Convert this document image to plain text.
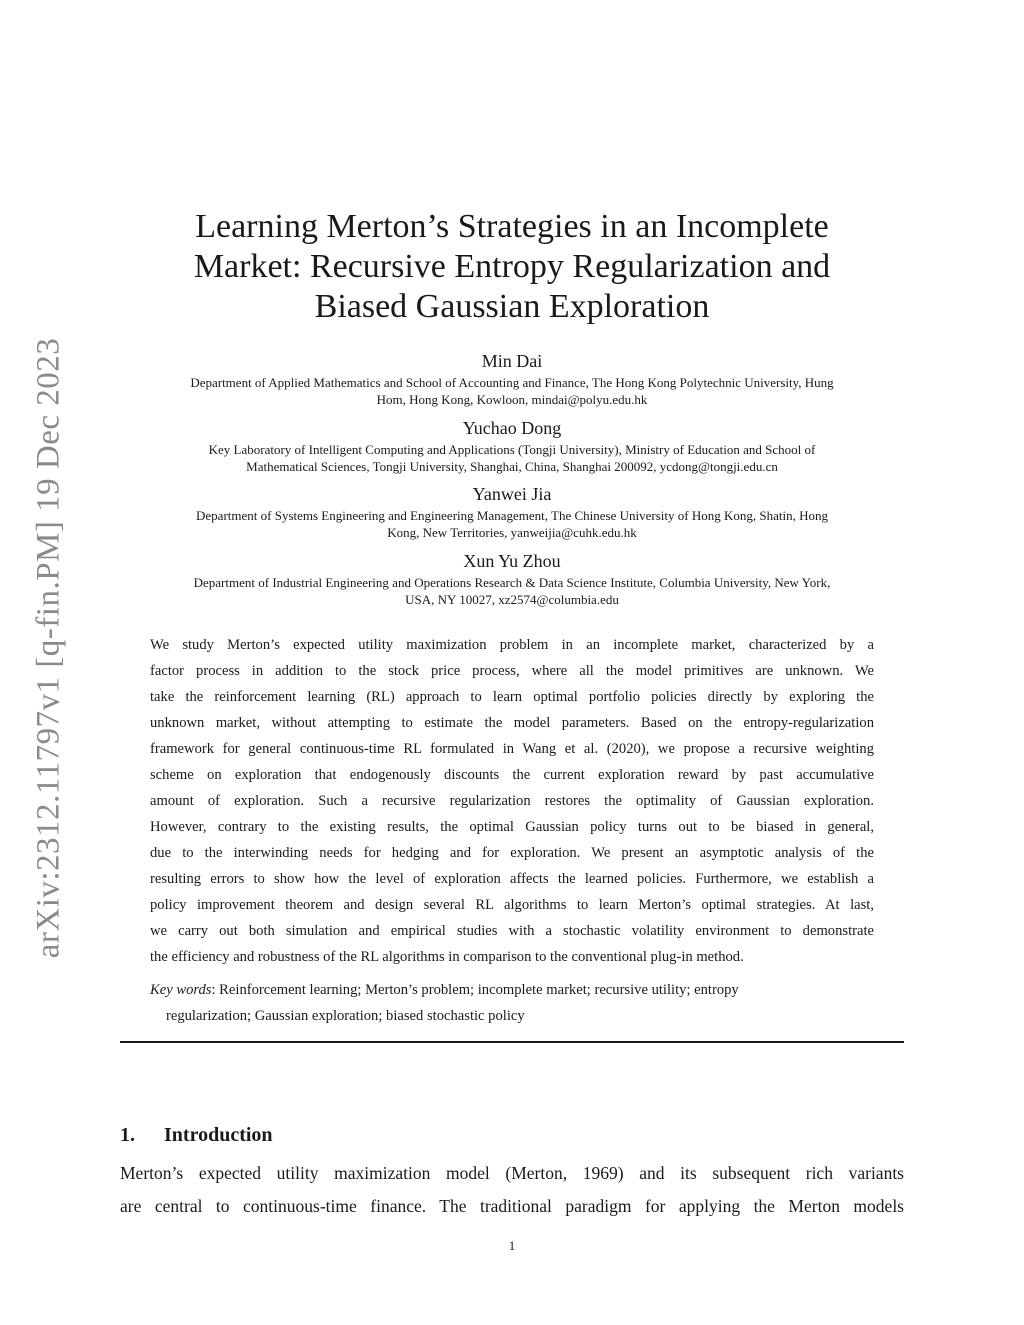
arXiv:2312.11797v1 [q-fin.PM] 19 Dec 2023
Learning Merton’s Strategies in an Incomplete
Market: Recursive Entropy Regularization and
Biased Gaussian Exploration
Min Dai
Department of Applied Mathematics and School of Accounting and Finance, The Hong Kong Polytechnic University, Hung
Hom, Hong Kong, Kowloon, mindai@polyu.edu.hk
Yuchao Dong
Key Laboratory of Intelligent Computing and Applications (Tongji University), Ministry of Education and School of
Mathematical Sciences, Tongji University, Shanghai, China, Shanghai 200092, ycdong@tongji.edu.cn
Yanwei Jia
Department of Systems Engineering and Engineering Management, The Chinese University of Hong Kong, Shatin, Hong
Kong, New Territories, yanweijia@cuhk.edu.hk
Xun Yu Zhou
Department of Industrial Engineering and Operations Research & Data Science Institute, Columbia University, New York,
USA, NY 10027, xz2574@columbia.edu
We study Merton’s expected utility maximization problem in an incomplete market, characterized by a
factor process in addition to the stock price process, where all the model primitives are unknown. We
take the reinforcement learning (RL) approach to learn optimal portfolio policies directly by exploring the
unknown market, without attempting to estimate the model parameters. Based on the entropy-regularization
framework for general continuous-time RL formulated in Wang et al. (2020), we propose a recursive weighting
scheme on exploration that endogenously discounts the current exploration reward by past accumulative
amount of exploration. Such a recursive regularization restores the optimality of Gaussian exploration.
However, contrary to the existing results, the optimal Gaussian policy turns out to be biased in general,
due to the interwinding needs for hedging and for exploration. We present an asymptotic analysis of the
resulting errors to show how the level of exploration affects the learned policies. Furthermore, we establish a
policy improvement theorem and design several RL algorithms to learn Merton’s optimal strategies. At last,
we carry out both simulation and empirical studies with a stochastic volatility environment to demonstrate
the efficiency and robustness of the RL algorithms in comparison to the conventional plug-in method.
Key words: Reinforcement learning; Merton’s problem; incomplete market; recursive utility; entropy
regularization; Gaussian exploration; biased stochastic policy
1. Introduction
Merton’s expected utility maximization model (Merton, 1969) and its subsequent rich variants
are central to continuous-time finance. The traditional paradigm for applying the Merton models
1
